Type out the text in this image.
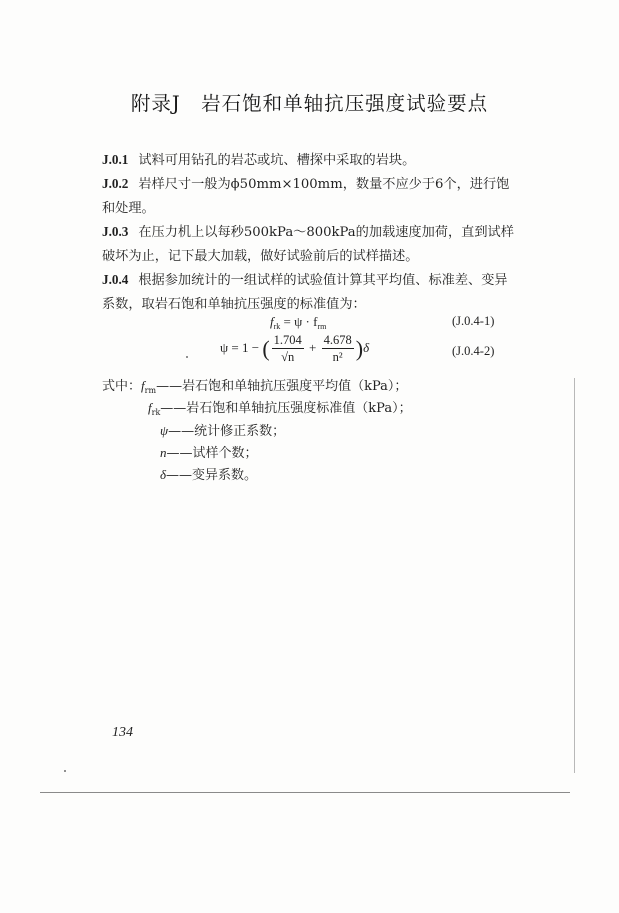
附录J　岩石饱和单轴抗压强度试验要点
J.0.1 试料可用钻孔的岩芯或坑、槽探中采取的岩块。
J.0.2 岩样尺寸一般为ϕ50mm×100mm，数量不应少于6个，进行饱和处理。
J.0.3 在压力机上以每秒500kPa～800kPa的加载速度加荷，直到试样破坏为止，记下最大加载，做好试验前后的试样描述。
J.0.4 根据参加统计的一组试样的试验值计算其平均值、标准差、变异系数，取岩石饱和单轴抗压强度的标准值为：
$f_{rk} = \psi \cdot f_{rm}$	(J.0.4-1)
ψ = 1 − ( $\frac{1.704}{√n} + \frac{4.678}{\text{n²}} )\delta$	(J.0.4-2)
式中：$f_{rm}——$岩石饱和单轴抗压强度平均值（kPa）；
$f_{rk}——$岩石饱和单轴抗压强度标准值（kPa）；
ψ——统计修正系数；
n——试样个数；
δ——变异系数。
134
